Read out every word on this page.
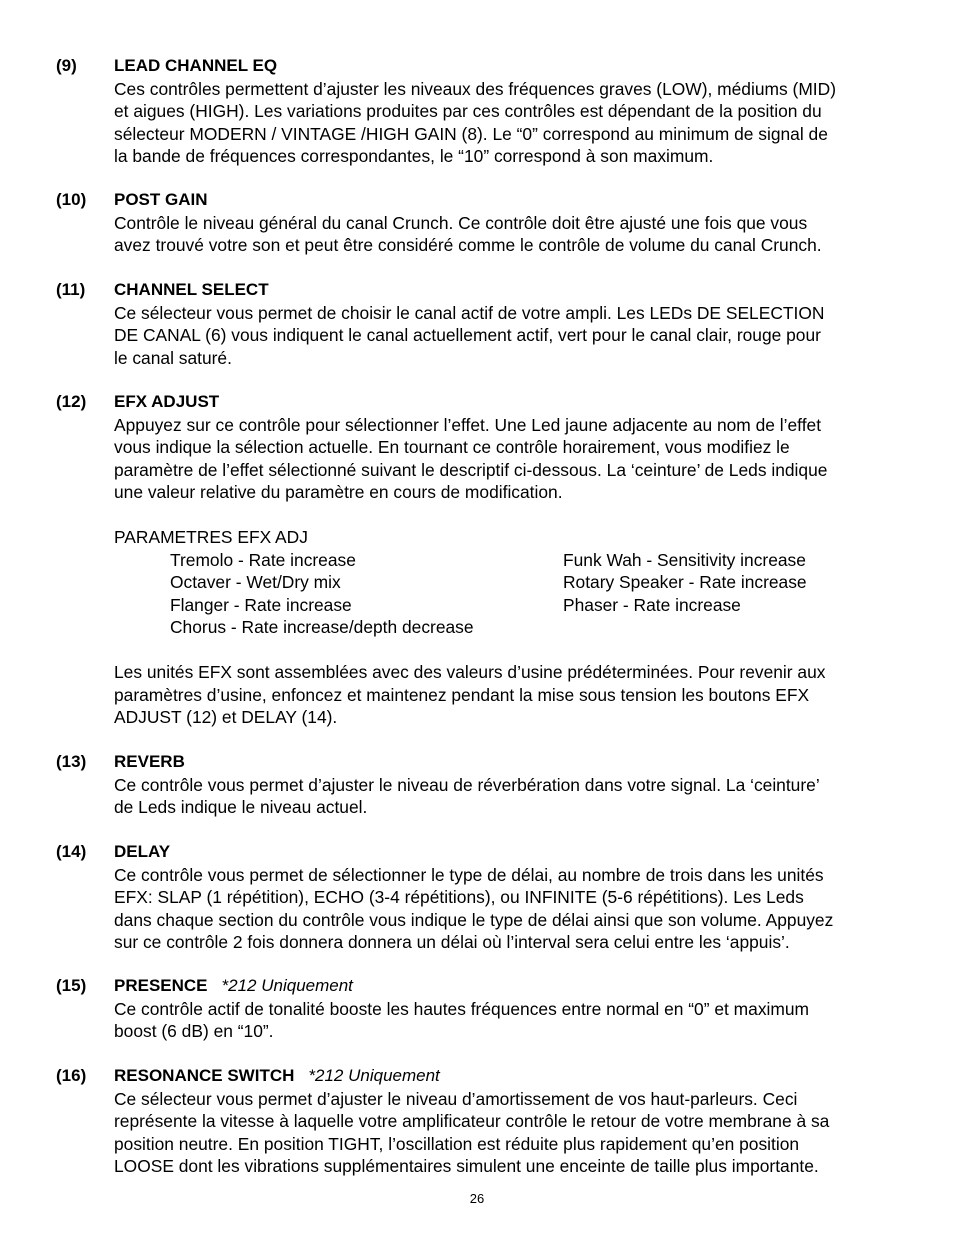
(9) LEAD CHANNEL EQ
Ces contrôles permettent d’ajuster les niveaux des fréquences graves (LOW), médiums (MID)
et aigues (HIGH). Les variations produites par ces contrôles est dépendant de la position du
sélecteur MODERN / VINTAGE /HIGH GAIN (8). Le “0” correspond au minimum de signal de
la bande de fréquences correspondantes, le “10” correspond à son maximum.
(10) POST GAIN
Contrôle le niveau général du canal Crunch. Ce contrôle doit être ajusté une fois que vous
avez trouvé votre son et peut être considéré comme le contrôle de volume du canal Crunch.
(11) CHANNEL SELECT
Ce sélecteur vous permet de choisir le canal actif de votre ampli. Les LEDs DE SELECTION
DE CANAL (6) vous indiquent le canal actuellement actif, vert pour le canal clair, rouge pour
le canal saturé.
(12) EFX ADJUST
Appuyez sur ce contrôle pour sélectionner l’effet. Une Led jaune adjacente au nom de l’effet
vous indique la sélection actuelle. En tournant ce contrôle horairement, vous modifiez le
paramètre de l’effet sélectionné suivant le descriptif ci-dessous. La ‘ceinture’ de Leds indique
une valeur relative du paramètre en cours de modification.
PARAMETRES EFX ADJ
Tremolo - Rate increase
Octaver - Wet/Dry mix
Flanger - Rate increase
Chorus - Rate increase/depth decrease
Funk Wah - Sensitivity increase
Rotary Speaker - Rate increase
Phaser - Rate increase
Les unités EFX sont assemblées avec des valeurs d’usine prédéterminées. Pour revenir aux
paramètres d’usine, enfoncez et maintenez pendant la mise sous tension les boutons EFX
ADJUST (12) et DELAY (14).
(13) REVERB
Ce contrôle vous permet d’ajuster le niveau de réverbération dans votre signal. La ‘ceinture’
de Leds indique le niveau actuel.
(14) DELAY
Ce contrôle vous permet de sélectionner le type de délai, au nombre de trois dans les unités
EFX: SLAP (1 répétition), ECHO (3-4 répétitions), ou INFINITE (5-6 répétitions). Les Leds
dans chaque section du contrôle vous indique le type de délai ainsi que son volume. Appuyez
sur ce contrôle 2 fois donnera donnera un délai où l’interval sera celui entre les ‘appuis’.
(15) PRESENCE *212 Uniquement
Ce contrôle actif de tonalité booste les hautes fréquences entre normal en “0” et maximum
boost (6 dB) en “10”.
(16) RESONANCE SWITCH *212 Uniquement
Ce sélecteur vous permet d’ajuster le niveau d’amortissement de vos haut-parleurs. Ceci
représente la vitesse à laquelle votre amplificateur contrôle le retour de votre membrane à sa
position neutre. En position TIGHT, l’oscillation est réduite plus rapidement qu’en position
LOOSE dont les vibrations supplémentaires simulent une enceinte de taille plus importante.
26
